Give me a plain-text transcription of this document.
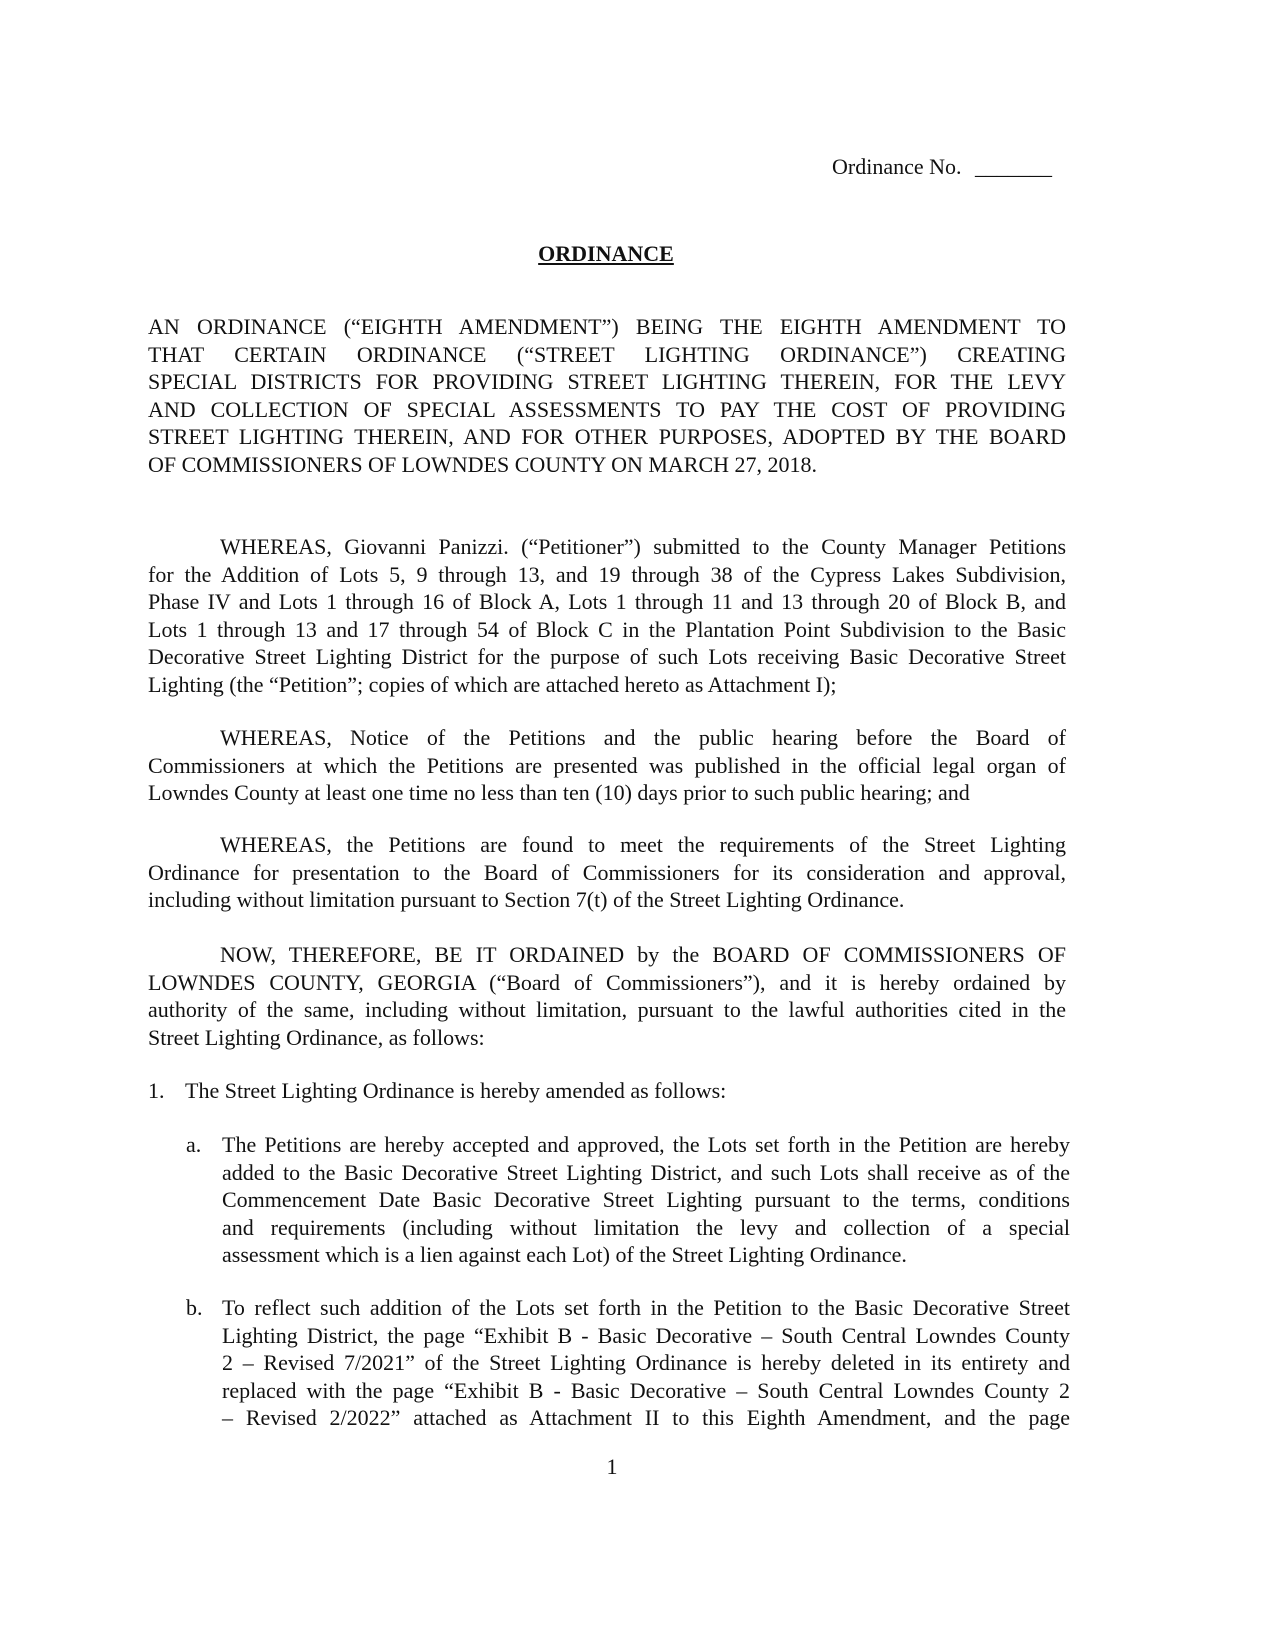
Ordinance No. _______
ORDINANCE
AN ORDINANCE (“EIGHTH AMENDMENT”) BEING THE EIGHTH AMENDMENT TO
THAT CERTAIN ORDINANCE (“STREET LIGHTING ORDINANCE”) CREATING
SPECIAL DISTRICTS FOR PROVIDING STREET LIGHTING THEREIN, FOR THE LEVY
AND COLLECTION OF SPECIAL ASSESSMENTS TO PAY THE COST OF PROVIDING
STREET LIGHTING THEREIN, AND FOR OTHER PURPOSES, ADOPTED BY THE BOARD
OF COMMISSIONERS OF LOWNDES COUNTY ON MARCH 27, 2018.
WHEREAS, Giovanni Panizzi. (“Petitioner”) submitted to the County Manager Petitions
for the Addition of Lots 5, 9 through 13, and 19 through 38 of the Cypress Lakes Subdivision,
Phase IV and Lots 1 through 16 of Block A, Lots 1 through 11 and 13 through 20 of Block B, and
Lots 1 through 13 and 17 through 54 of Block C in the Plantation Point Subdivision to the Basic
Decorative Street Lighting District for the purpose of such Lots receiving Basic Decorative Street
Lighting (the “Petition”; copies of which are attached hereto as Attachment I);
WHEREAS, Notice of the Petitions and the public hearing before the Board of
Commissioners at which the Petitions are presented was published in the official legal organ of
Lowndes County at least one time no less than ten (10) days prior to such public hearing; and
WHEREAS, the Petitions are found to meet the requirements of the Street Lighting
Ordinance for presentation to the Board of Commissioners for its consideration and approval,
including without limitation pursuant to Section 7(t) of the Street Lighting Ordinance.
NOW, THEREFORE, BE IT ORDAINED by the BOARD OF COMMISSIONERS OF
LOWNDES COUNTY, GEORGIA (“Board of Commissioners”), and it is hereby ordained by
authority of the same, including without limitation, pursuant to the lawful authorities cited in the
Street Lighting Ordinance, as follows:
1. The Street Lighting Ordinance is hereby amended as follows:
a. The Petitions are hereby accepted and approved, the Lots set forth in the Petition are hereby
added to the Basic Decorative Street Lighting District, and such Lots shall receive as of the
Commencement Date Basic Decorative Street Lighting pursuant to the terms, conditions
and requirements (including without limitation the levy and collection of a special
assessment which is a lien against each Lot) of the Street Lighting Ordinance.
b. To reflect such addition of the Lots set forth in the Petition to the Basic Decorative Street
Lighting District, the page “Exhibit B - Basic Decorative – South Central Lowndes County
2 – Revised 7/2021” of the Street Lighting Ordinance is hereby deleted in its entirety and
replaced with the page “Exhibit B - Basic Decorative – South Central Lowndes County 2
– Revised 2/2022” attached as Attachment II to this Eighth Amendment, and the page
1
